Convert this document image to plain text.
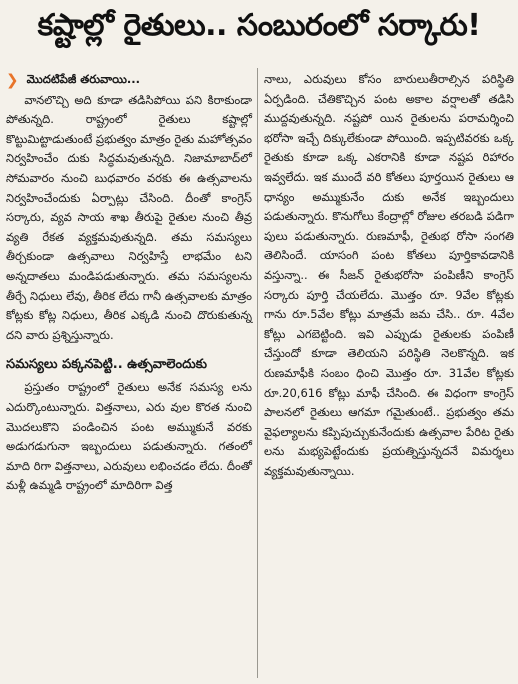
కష్టాల్లో రైతులు.. సంబురంలో సర్కారు!
❯ మొదటిపేజీ తరువాయి...

వానలొచ్చి అది కూడా తడిసిపోయి పని కిరాకుండా పోతున్నది. రాష్ట్రంలో రైతులు కష్టాల్లో కొట్టుమిట్టాడుతుంటే ప్రభుత్వం మాత్రం రైతు మహోత్సవం నిర్వహించేం దుకు సిద్ధమవుతున్నది. నిజామాబాద్‌లో సోమవారం నుంచి బుధవారం వరకు ఈ ఉత్సవాలను నిర్వహించేందుకు ఏర్పాట్లు చేసింది. దీంతో కాంగ్రెస్ సర్కారు, వ్యవ సాయ శాఖ తీరుపై రైతుల నుంచి తీవ్ర వ్యతి రేకత వ్యక్తమవుతున్నది. తమ సమస్యలు తీర్చకుండా ఉత్సవాలు నిర్వహిస్తే లాభమేం టని అన్నదాతలు మండిపడుతున్నారు. తమ సమస్యలను తీర్చే నిధులు లేవు, తీరిక లేదు గానీ ఉత్సవాలకు మాత్రం కోట్లకు కోట్ల నిధులు, తీరిక ఎక్కడి నుంచి దొరుకుతున్న దని వారు ప్రశ్నిస్తున్నారు.

సమస్యలు పక్కనపెట్టి.. ఉత్సవాలెందుకు

ప్రస్తుతం రాష్ట్రంలో రైతులు అనేక సమస్య లను ఎదుర్కొంటున్నారు. విత్తనాలు, ఎరు వుల కొరత నుంచి మొదలుకొని పండించిన పంట అమ్ముకునే వరకు అడుగడుగునా ఇబ్బందులు పడుతున్నారు. గతంలో మాది రిగా విత్తనాలు, ఎరువులు లభించడం లేదు. దీంతో మళ్లీ ఉమ్మడి రాష్ట్రంలో మాదిరిగా విత్త

నాలు, ఎరువులు కోసం బారులుతీరాల్సిన పరిస్థితి ఏర్పడింది. చేతికొచ్చిన పంట అకాల వర్షాలతో తడిసి ముద్దవుతున్నది. నష్టపో యిన రైతులను పరామర్శించి భరోసా ఇచ్చే దిక్కులేకుండా పోయింది. ఇప్పటివరకు ఒక్క రైతుకు కూడా ఒక్క ఎకరానికి కూడా నష్టప రిహారం ఇవ్వలేదు. ఇక ముందే వరి కోతలు పూర్తయిన రైతులు ఆ ధాన్యం అమ్ముకునేం దుకు అనేక ఇబ్బందులు పడుతున్నారు. కొనుగోలు కేంద్రాల్లో రోజుల తరబడి పడిగా పులు పడుతున్నారు. రుణమాఫీ, రైతుభ రోసా సంగతి తెలిసిందే. యాసంగి పంట కోతలు పూర్తికావడానికి వస్తున్నా.. ఈ సీజన్ రైతుభరోసా పంపిణీని కాంగ్రెస్ సర్కారు పూర్తి చేయలేదు. మొత్తం రూ. 9వేల కోట్లకు గాను రూ.5వేల కోట్లు మాత్రమే జమ చేసి.. రూ. 4వేల కోట్లు ఎగబెట్టింది. ఇవి ఎప్పుడు రైతులకు పంపిణీ చేస్తుందో కూడా తెలియని పరిస్థితి నెలకొన్నది. ఇక రుణమాఫీకి సంబం ధించి మొత్తం రూ. 31వేల కోట్లకు రూ.20,616 కోట్లు మాఫీ చేసింది. ఈ విధంగా కాంగ్రెస్ పాలనలో రైతులు ఆగమా గమైతుంటే.. ప్రభుత్వం తమ వైఫల్యాలను కప్పిపుచ్చుకునేందుకు ఉత్సవాల పేరిట రైతు లను మభ్యపెట్టేందుకు ప్రయత్నిస్తున్నదనే విమర్శలు వ్యక్తమవుతున్నాయి.
